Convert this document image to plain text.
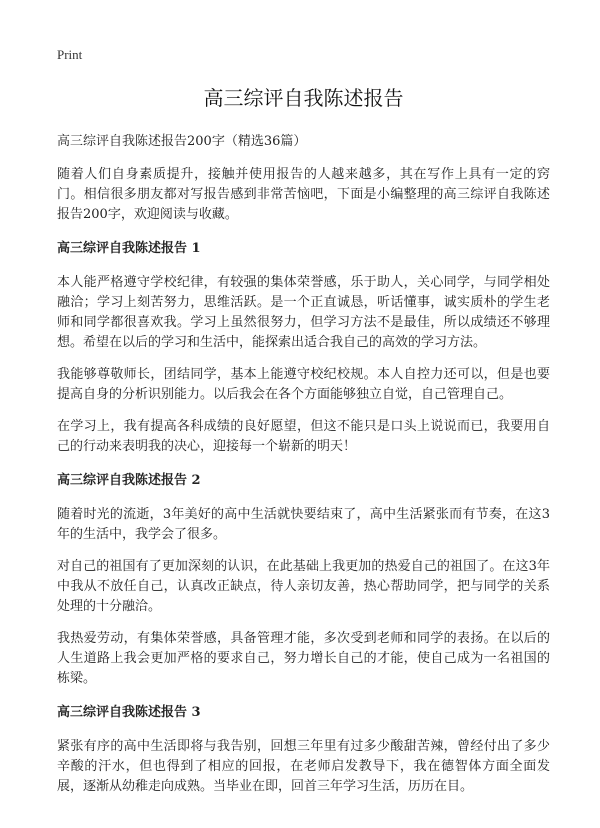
Print
高三综评自我陈述报告

高三综评自我陈述报告200字（精选36篇）

随着人们自身素质提升，接触并使用报告的人越来越多，其在写作上具有一定的窍门。相信很多朋友都对写报告感到非常苦恼吧，下面是小编整理的高三综评自我陈述报告200字，欢迎阅读与收藏。

高三综评自我陈述报告 1

本人能严格遵守学校纪律，有较强的集体荣誉感，乐于助人，关心同学，与同学相处融洽；学习上刻苦努力，思维活跃。是一个正直诚恳，听话懂事，诚实质朴的学生老师和同学都很喜欢我。学习上虽然很努力，但学习方法不是最佳，所以成绩还不够理想。希望在以后的学习和生活中，能探索出适合我自己的高效的学习方法。

我能够尊敬师长，团结同学，基本上能遵守校纪校规。本人自控力还可以，但是也要提高自身的分析识别能力。以后我会在各个方面能够独立自觉，自己管理自己。

在学习上，我有提高各科成绩的良好愿望，但这不能只是口头上说说而已，我要用自己的行动来表明我的决心，迎接每一个崭新的明天！

高三综评自我陈述报告 2

随着时光的流逝，3年美好的高中生活就快要结束了，高中生活紧张而有节奏，在这3年的生活中，我学会了很多。

对自己的祖国有了更加深刻的认识，在此基础上我更加的热爱自己的祖国了。在这3年中我从不放任自己，认真改正缺点，待人亲切友善，热心帮助同学，把与同学的关系处理的十分融洽。

我热爱劳动，有集体荣誉感，具备管理才能，多次受到老师和同学的表扬。在以后的人生道路上我会更加严格的要求自己，努力增长自己的才能，使自己成为一名祖国的栋梁。

高三综评自我陈述报告 3

紧张有序的高中生活即将与我告别，回想三年里有过多少酸甜苦辣，曾经付出了多少辛酸的汗水，但也得到了相应的回报，在老师启发教导下，我在德智体方面全面发展，逐渐从幼稚走向成熟。当毕业在即，回首三年学习生活，历历在目。
